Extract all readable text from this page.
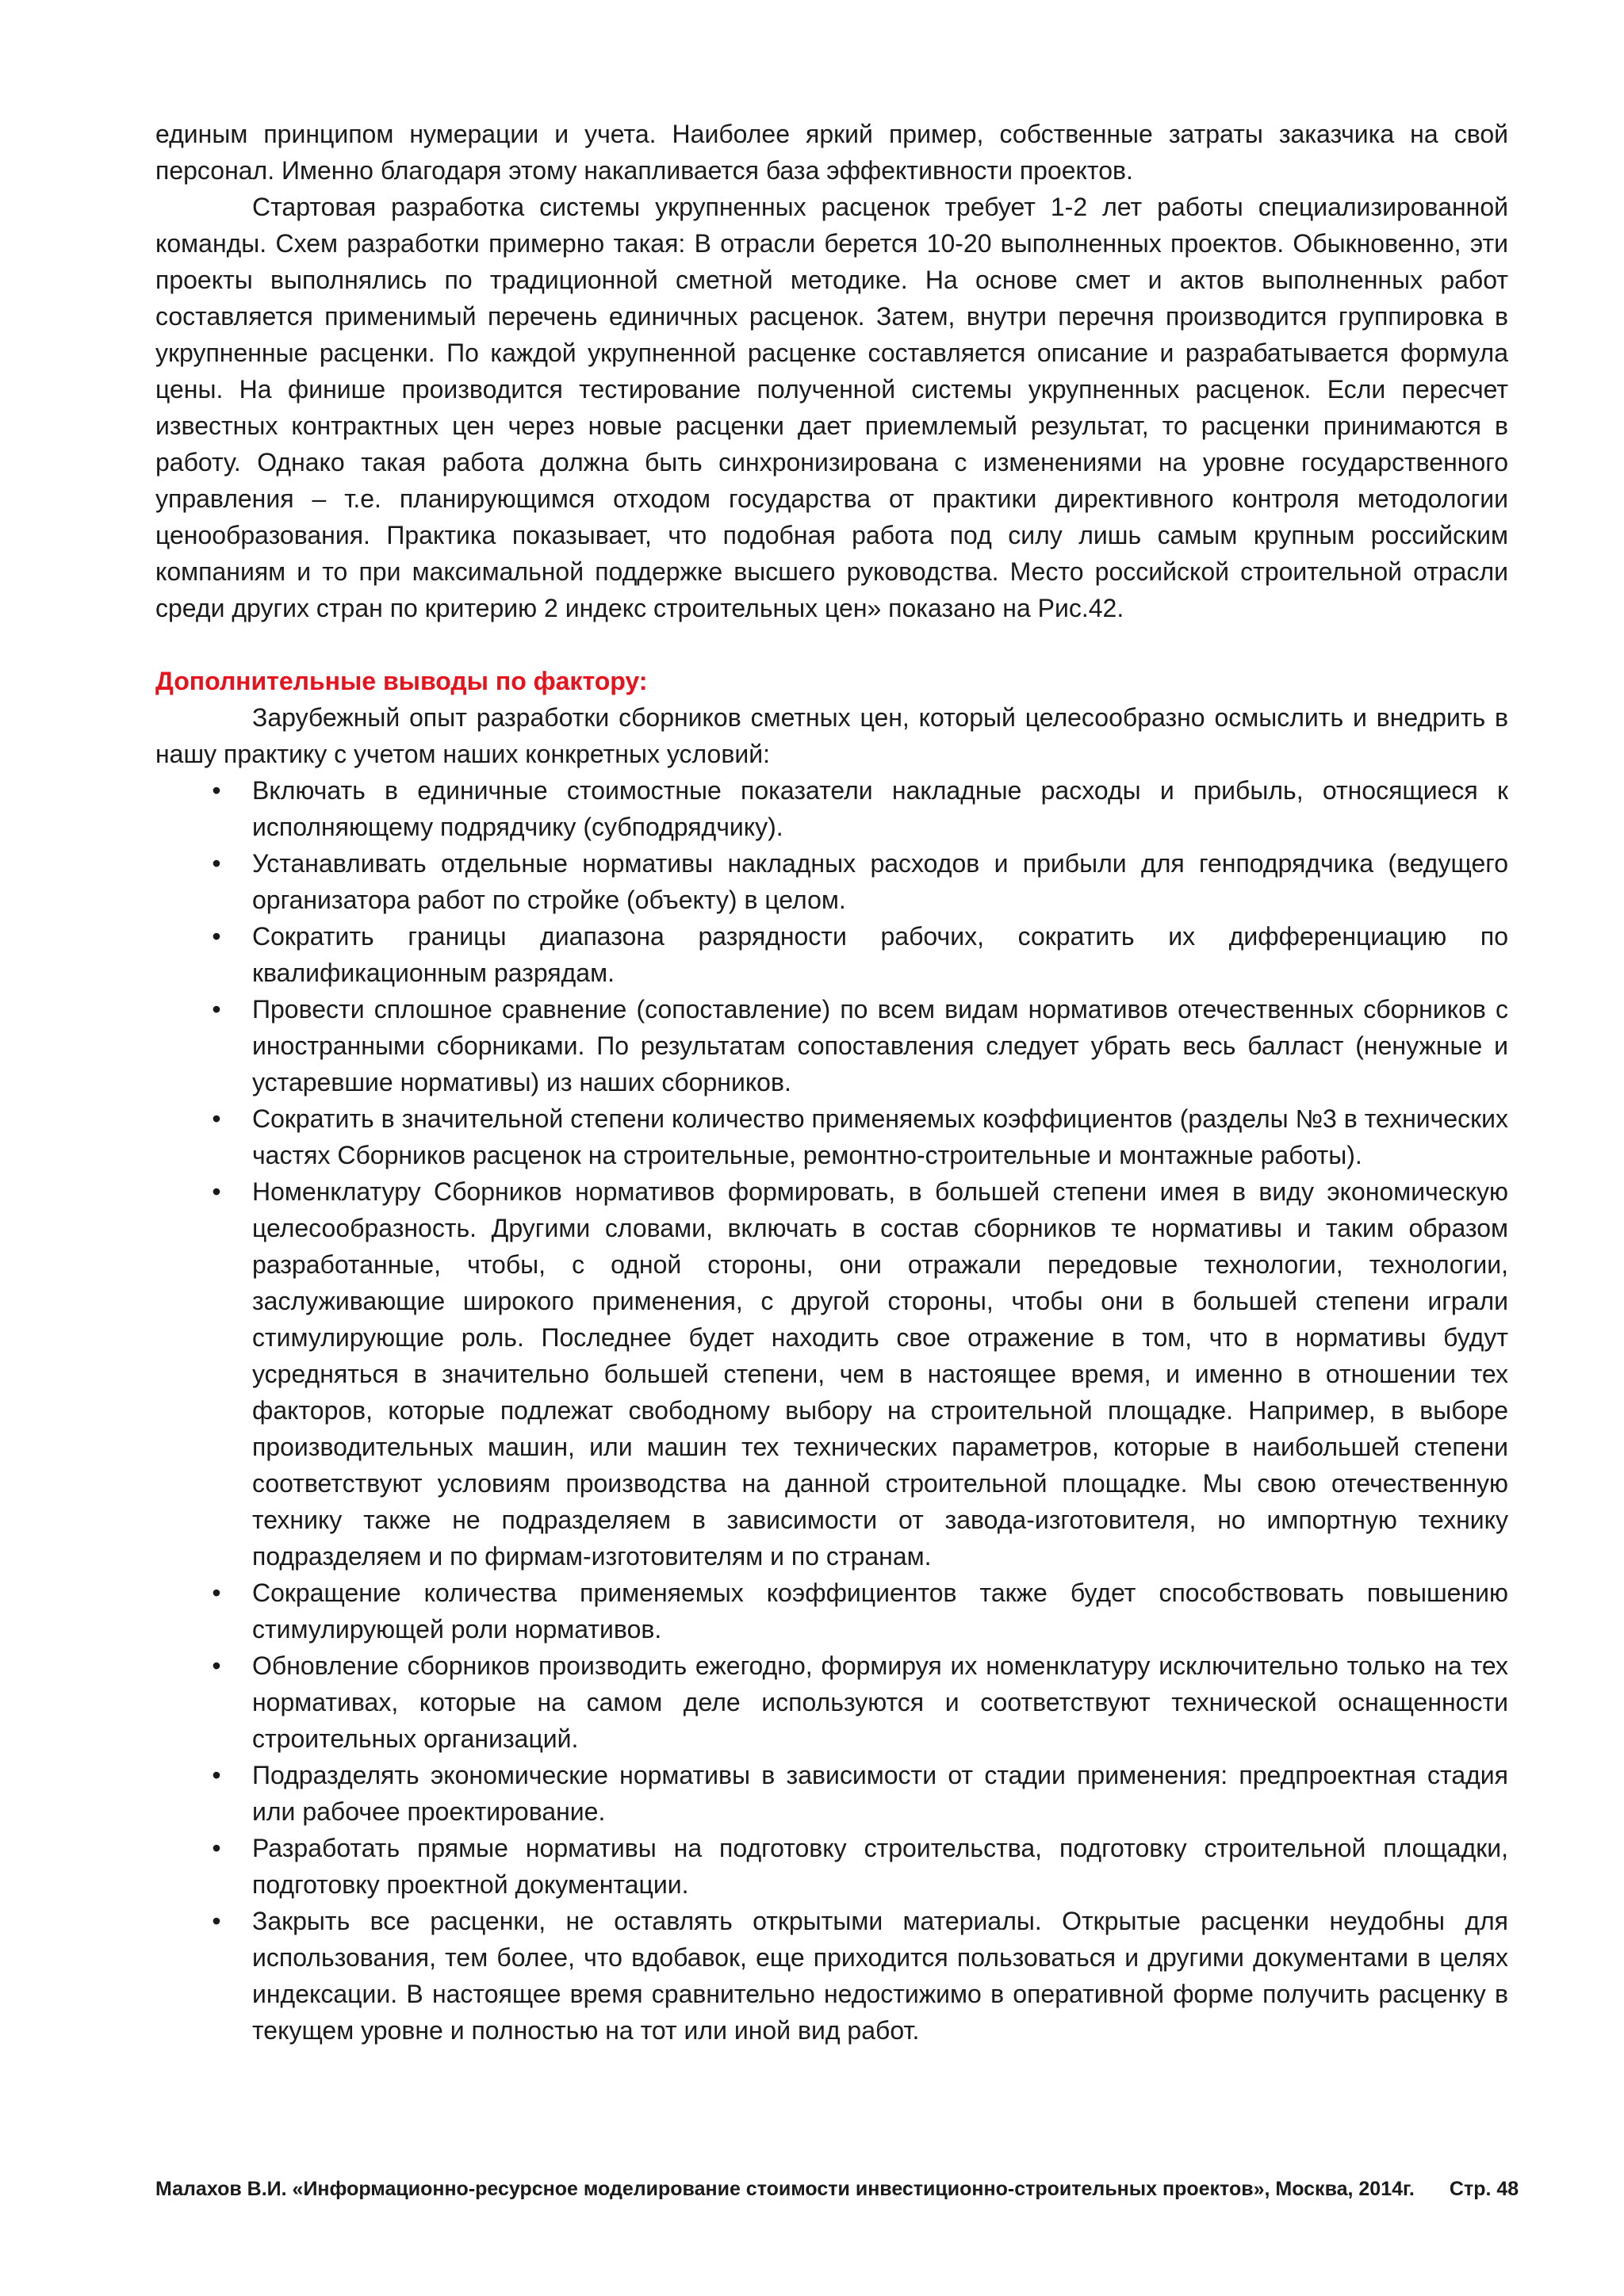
единым принципом нумерации и учета. Наиболее яркий пример, собственные затраты заказчика на свой персонал. Именно благодаря этому накапливается база эффективности проектов.

Стартовая разработка системы укрупненных расценок требует 1-2 лет работы специализированной команды. Схем разработки примерно такая: В отрасли берется 10-20 выполненных проектов. Обыкновенно, эти проекты выполнялись по традиционной сметной методике. На основе смет и актов выполненных работ составляется применимый перечень единичных расценок. Затем, внутри перечня производится группировка в укрупненные расценки. По каждой укрупненной расценке составляется описание и разрабатывается формула цены. На финише производится тестирование полученной системы укрупненных расценок. Если пересчет известных контрактных цен через новые расценки дает приемлемый результат, то расценки принимаются в работу. Однако такая работа должна быть синхронизирована с изменениями на уровне государственного управления – т.е. планирующимся отходом государства от практики директивного контроля методологии ценообразования. Практика показывает, что подобная работа под силу лишь самым крупным российским компаниям и то при максимальной поддержке высшего руководства. Место российской строительной отрасли среди других стран по критерию 2 индекс строительных цен» показано на Рис.42.

Дополнительные выводы по фактору:

Зарубежный опыт разработки сборников сметных цен, который целесообразно осмыслить и внедрить в нашу практику с учетом наших конкретных условий:

• Включать в единичные стоимостные показатели накладные расходы и прибыль, относящиеся к исполняющему подрядчику (субподрядчику).
• Устанавливать отдельные нормативы накладных расходов и прибыли для генподрядчика (ведущего организатора работ по стройке (объекту) в целом.
• Сократить границы диапазона разрядности рабочих, сократить их дифференциацию по квалификационным разрядам.
• Провести сплошное сравнение (сопоставление) по всем видам нормативов отечественных сборников с иностранными сборниками. По результатам сопоставления следует убрать весь балласт (ненужные и устаревшие нормативы) из наших сборников.
• Сократить в значительной степени количество применяемых коэффициентов (разделы №3 в технических частях Сборников расценок на строительные, ремонтно-строительные и монтажные работы).
• Номенклатуру Сборников нормативов формировать, в большей степени имея в виду экономическую целесообразность. Другими словами, включать в состав сборников те нормативы и таким образом разработанные, чтобы, с одной стороны, они отражали передовые технологии, технологии, заслуживающие широкого применения, с другой стороны, чтобы они в большей степени играли стимулирующие роль. Последнее будет находить свое отражение в том, что в нормативы будут усредняться в значительно большей степени, чем в настоящее время, и именно в отношении тех факторов, которые подлежат свободному выбору на строительной площадке. Например, в выборе производительных машин, или машин тех технических параметров, которые в наибольшей степени соответствуют условиям производства на данной строительной площадке. Мы свою отечественную технику также не подразделяем в зависимости от завода-изготовителя, но импортную технику подразделяем и по фирмам-изготовителям и по странам.
• Сокращение количества применяемых коэффициентов также будет способствовать повышению стимулирующей роли нормативов.
• Обновление сборников производить ежегодно, формируя их номенклатуру исключительно только на тех нормативах, которые на самом деле используются и соответствуют технической оснащенности строительных организаций.
• Подразделять экономические нормативы в зависимости от стадии применения: предпроектная стадия или рабочее проектирование.
• Разработать прямые нормативы на подготовку строительства, подготовку строительной площадки, подготовку проектной документации.
• Закрыть все расценки, не оставлять открытыми материалы. Открытые расценки неудобны для использования, тем более, что вдобавок, еще приходится пользоваться и другими документами в целях индексации. В настоящее время сравнительно недостижимо в оперативной форме получить расценку в текущем уровне и полностью на тот или иной вид работ.
Малахов В.И. «Информационно-ресурсное моделирование стоимости инвестиционно-строительных проектов», Москва, 2014г. Стр. 48
